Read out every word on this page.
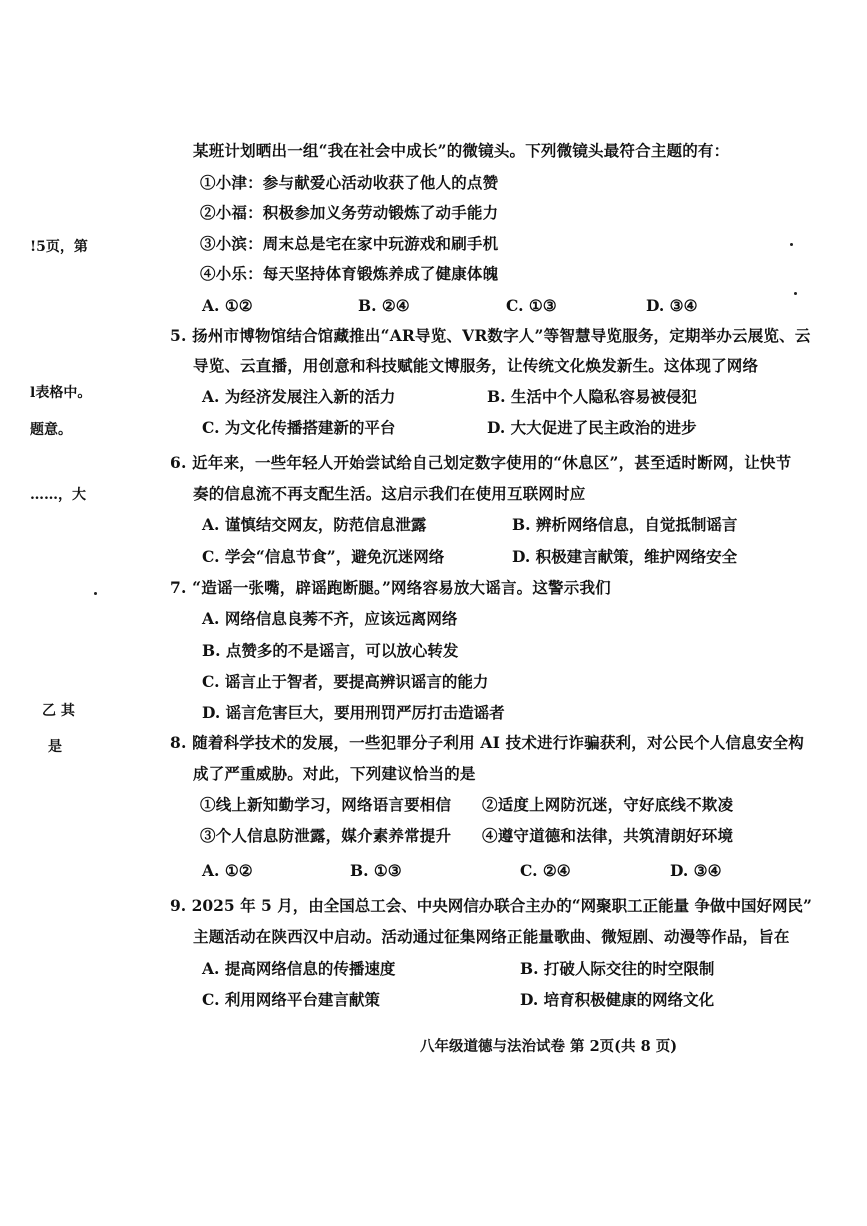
!5页，第
l表格中。
题意。
……，大
乙 其
是
某班计划晒出一组“我在社会中成长”的微镜头。下列微镜头最符合主题的有：
①小津：参与献爱心活动收获了他人的点赞
②小福：积极参加义务劳动锻炼了动手能力
③小滨：周末总是宅在家中玩游戏和刷手机
④小乐：每天坚持体育锻炼养成了健康体魄
A. ①②	B. ②④	C. ①③	D. ③④
5. 扬州市博物馆结合馆藏推出“AR导览、VR数字人”等智慧导览服务，定期举办云展览、云
导览、云直播，用创意和科技赋能文博服务，让传统文化焕发新生。这体现了网络
A. 为经济发展注入新的活力	B. 生活中个人隐私容易被侵犯
C. 为文化传播搭建新的平台	D. 大大促进了民主政治的进步
6. 近年来，一些年轻人开始尝试给自己划定数字使用的“休息区”，甚至适时断网，让快节
奏的信息流不再支配生活。这启示我们在使用互联网时应
A. 谨慎结交网友，防范信息泄露	B. 辨析网络信息，自觉抵制谣言
C. 学会“信息节食”，避免沉迷网络	D. 积极建言献策，维护网络安全
7. “造谣一张嘴，辟谣跑断腿。”网络容易放大谣言。这警示我们
A. 网络信息良莠不齐，应该远离网络
B. 点赞多的不是谣言，可以放心转发
C. 谣言止于智者，要提高辨识谣言的能力
D. 谣言危害巨大，要用刑罚严厉打击造谣者
8. 随着科学技术的发展，一些犯罪分子利用 AI 技术进行诈骗获利，对公民个人信息安全构
成了严重威胁。对此，下列建议恰当的是
①线上新知勤学习，网络语言要相信 ②适度上网防沉迷，守好底线不欺凌
③个人信息防泄露，媒介素养常提升 ④遵守道德和法律，共筑清朗好环境
A. ①②	B. ①③	C. ②④	D. ③④
9. 2025 年 5 月，由全国总工会、中央网信办联合主办的“网聚职工正能量 争做中国好网民”
主题活动在陕西汉中启动。活动通过征集网络正能量歌曲、微短剧、动漫等作品，旨在
A. 提高网络信息的传播速度	B. 打破人际交往的时空限制
C. 利用网络平台建言献策	D. 培育积极健康的网络文化
八年级道德与法治试卷 第 2页(共 8 页)
